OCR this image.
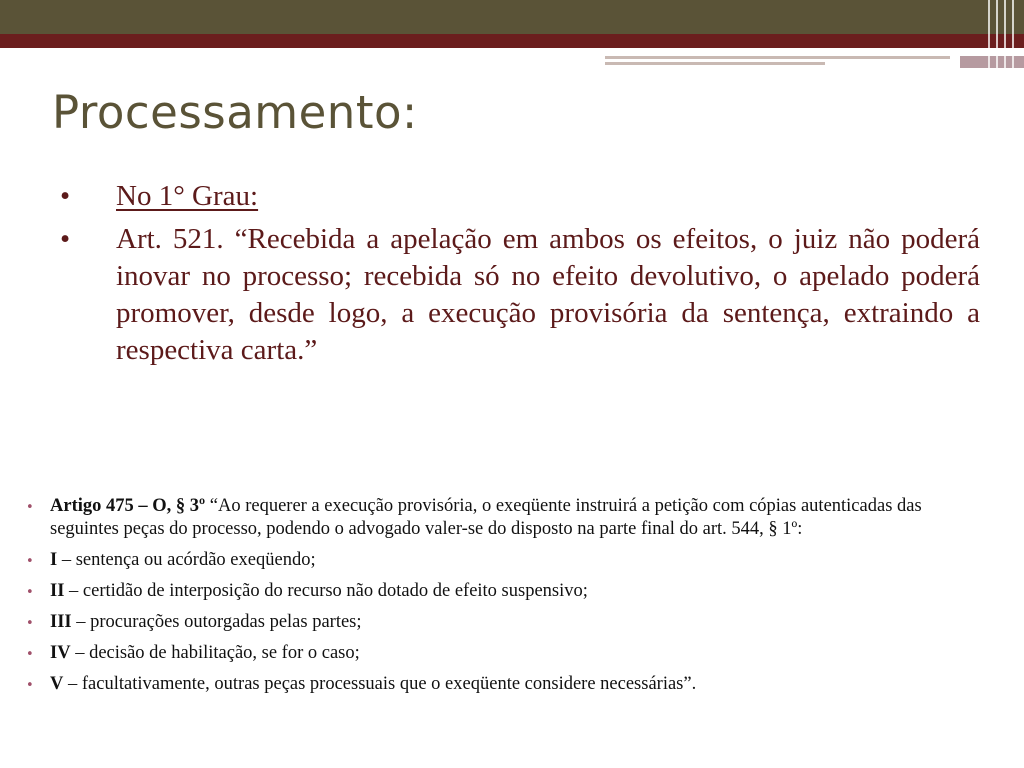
Processamento:
• No 1° Grau:
• Art. 521. “Recebida a apelação em ambos os efeitos, o juiz não poderá inovar no processo; recebida só no efeito devolutivo, o apelado poderá promover, desde logo, a execução provisória da sentença, extraindo a respectiva carta.”
• Artigo 475 – O, § 3º “Ao requerer a execução provisória, o exeqüente instruirá a petição com cópias autenticadas das seguintes peças do processo, podendo o advogado valer-se do disposto na parte final do art. 544, § 1º:
• I – sentença ou acórdão exeqüendo;
• II – certidão de interposição do recurso não dotado de efeito suspensivo;
• III – procurações outorgadas pelas partes;
• IV – decisão de habilitação, se for o caso;
• V – facultativamente, outras peças processuais que o exeqüente considere necessárias”.
